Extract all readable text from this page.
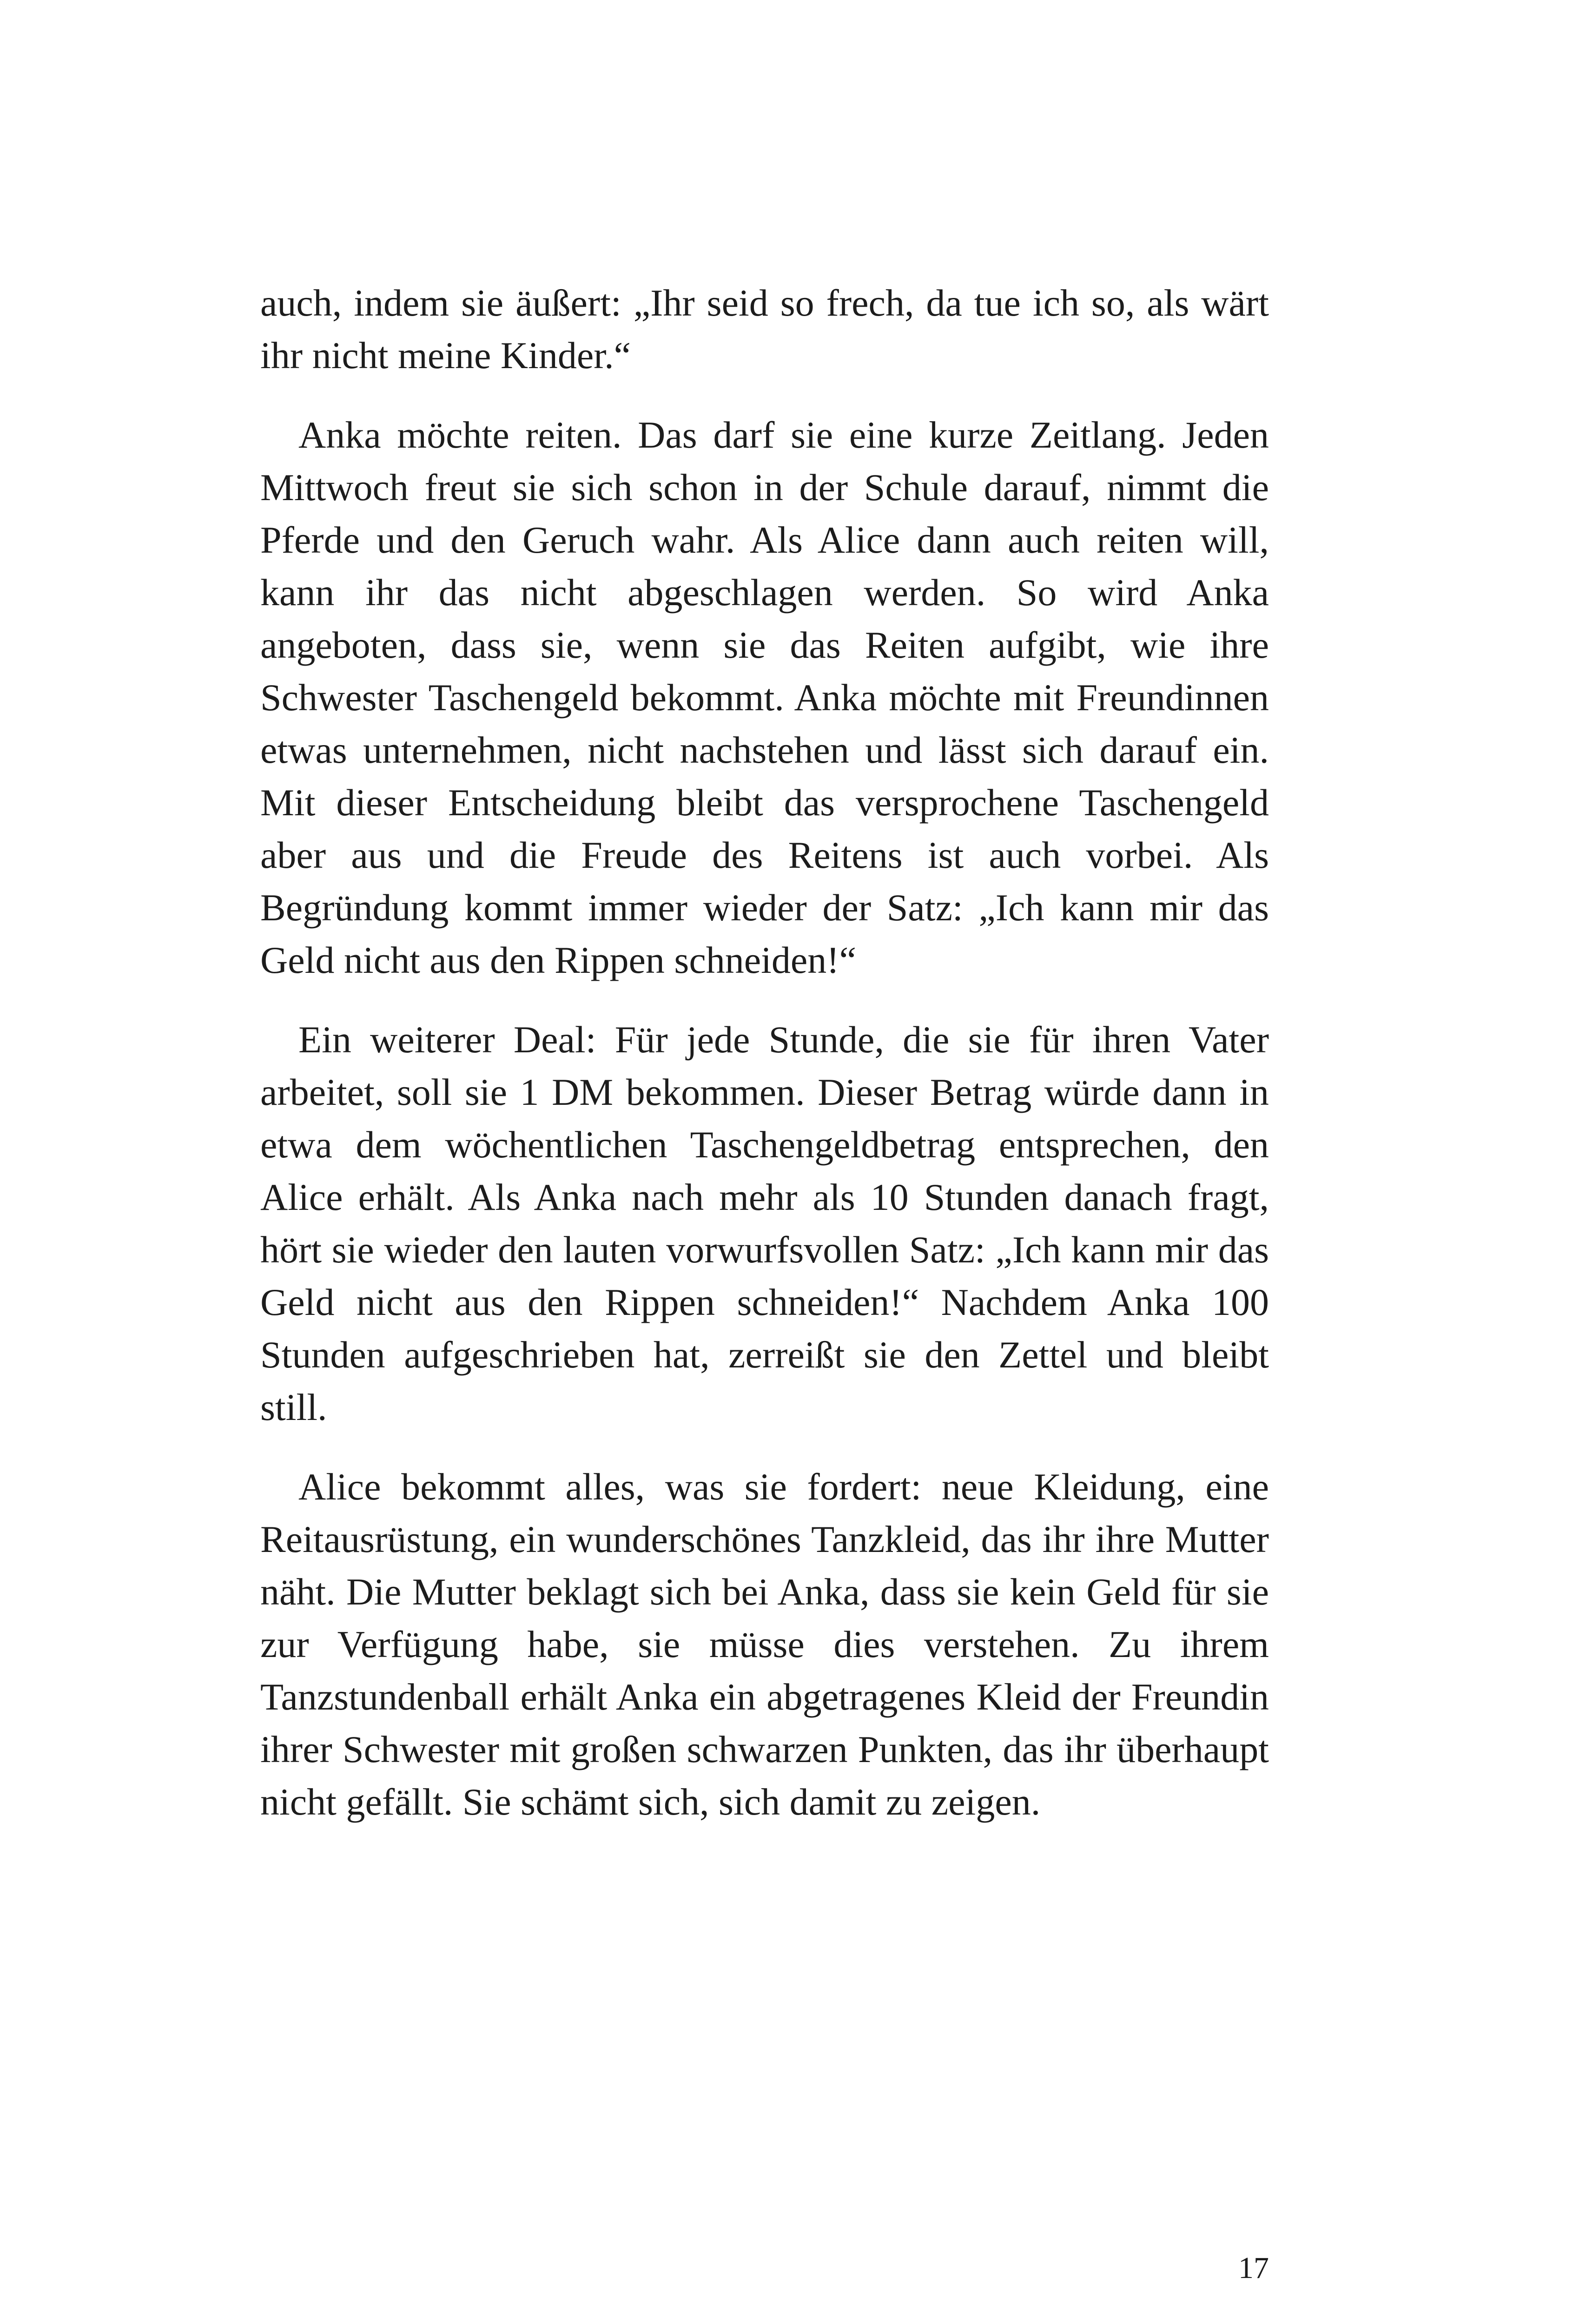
auch, indem sie äußert: „Ihr seid so frech, da tue ich so, als wärt ihr nicht meine Kinder.“

Anka möchte reiten. Das darf sie eine kurze Zeitlang. Jeden Mittwoch freut sie sich schon in der Schule darauf, nimmt die Pferde und den Geruch wahr. Als Alice dann auch reiten will, kann ihr das nicht abgeschlagen werden. So wird Anka angeboten, dass sie, wenn sie das Reiten aufgibt, wie ihre Schwester Taschengeld bekommt. Anka möchte mit Freundinnen etwas unternehmen, nicht nachstehen und lässt sich darauf ein. Mit dieser Entscheidung bleibt das versprochene Taschengeld aber aus und die Freude des Reitens ist auch vorbei. Als Begründung kommt immer wieder der Satz: „Ich kann mir das Geld nicht aus den Rippen schneiden!“

Ein weiterer Deal: Für jede Stunde, die sie für ihren Vater arbeitet, soll sie 1 DM bekommen. Dieser Betrag würde dann in etwa dem wöchentlichen Taschengeldbetrag entsprechen, den Alice erhält. Als Anka nach mehr als 10 Stunden danach fragt, hört sie wieder den lauten vorwurfsvollen Satz: „Ich kann mir das Geld nicht aus den Rippen schneiden!“ Nachdem Anka 100 Stunden aufgeschrieben hat, zerreißt sie den Zettel und bleibt still.

Alice bekommt alles, was sie fordert: neue Kleidung, eine Reitausrüstung, ein wunderschönes Tanzkleid, das ihr ihre Mutter näht. Die Mutter beklagt sich bei Anka, dass sie kein Geld für sie zur Verfügung habe, sie müsse dies verstehen. Zu ihrem Tanzstundenball erhält Anka ein abgetragenes Kleid der Freundin ihrer Schwester mit großen schwarzen Punkten, das ihr überhaupt nicht gefällt. Sie schämt sich, sich damit zu zeigen.

17
